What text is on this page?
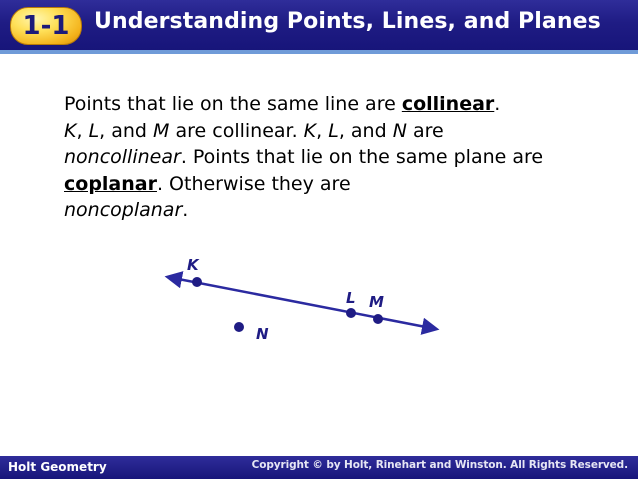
1-1	Understanding Points, Lines, and Planes
Points that lie on the same line are collinear.
K, L, and M are collinear. K, L, and N are
noncollinear. Points that lie on the same plane are coplanar. Otherwise they are
noncoplanar.
K
L M
N
Holt Geometry	Copyright © by Holt, Rinehart and Winston. All Rights Reserved.
